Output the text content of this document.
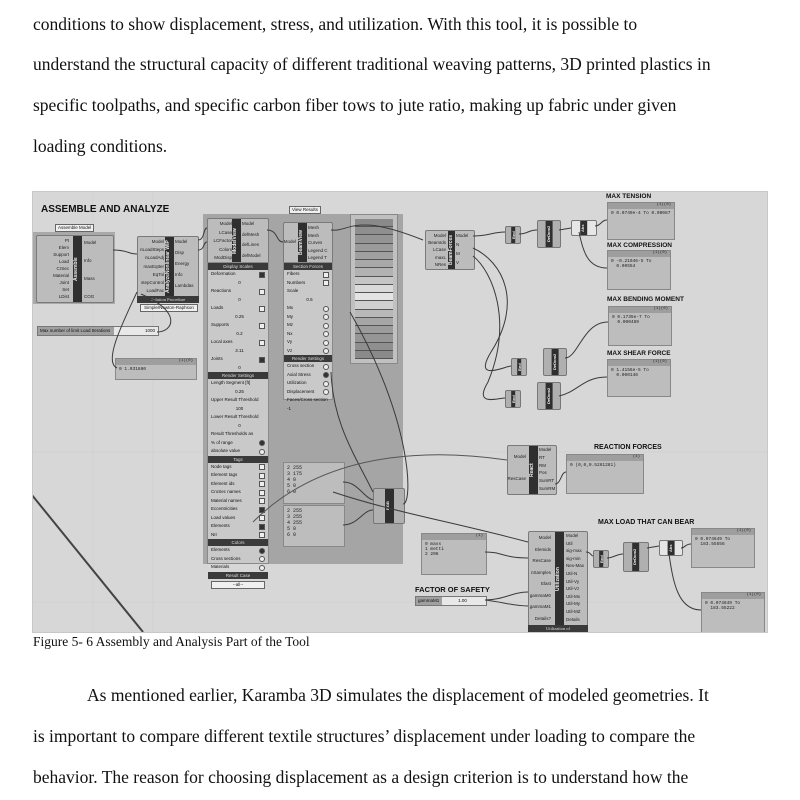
conditions to show displacement, stress, and utilization. With this tool, it is possible to
understand the structural capacity of different traditional weaving patterns, 3D printed plastics in
specific toolpaths, and specific carbon fiber tows to jute ratio, making up fabric under given
loading conditions.
ASSEMBLE AND ANALYZE
Assemble Model
Assemble
Pt
Elem
Support
Load
CrSec
Material
Joint
Set
LDist
Model
Info
Mass
COG
AnalyzeNonlinear WIP
Model
nLoadSteps
nLoadAdj
maxEqIter
EqTol
stepControl
LoadFac
Model
Disp
Energy
Info
Lambdas
Solution Procedure
Simple/Newton-Raphson
Max number of limit Load Iterations	1000
(1)(0)
0 1.031880
View Results
ModelView
Model
LCase
LCFactor
Colors
ModDisp
Model
defMesh
defLines
defModel
Display Scales
Deformation
0
Reactions
0
Loads
0.25
Supports
0.2
Local axes
3.11
Joints
0
Render Settings
Length Segment [ft]
0.25
Upper Result Threshold
100
Lower Result Threshold
0
Result Thresholds as
% of range
absolute value
Tags
Node tags
Element tags
Element ids
CroSec names
Material names
Eccentricities
Load values
Elements
NII
Colors
Elements
Cross sections
Materials
Result Case
--all--
BeamView
Model
Mesh
Mesh
Curves
Legend C
Legend T
Section Forces
Fibers
Numbers
Scale
0.5
Mx
My
Mz
Nx
Vy
Vz
Render Settings
Cross section
Axial Stress
Utilization
Displacement
Faces/Cross section
-1
2 255
3 175
4 0
5 0
6 0
2 255
3 255
4 255
5 0
6 0
RGB
BeamForces
Model
BeamIds
LCase
maxL
NRes
Model
N
M
V
Bnd	DeDom2	Abs
Bnd	DeDom2
Bnd	DeDom2
MAX TENSION
(1)(0)
0 0.0749e-4 To 0.00087
MAX COMPRESSION
(1)(0)
0 -0.21046-5 To
0.00554
MAX BENDING MOMENT
(1)(0)
0 0.1735e-7 To
0.000489
MAX SHEAR FORCE
(1)(0)
0 1.4156e-5 To
0.000146
REACTION FORCES
React
Model
ResCase
Model
RT
RM
Pos
SumRT
SumRM
(1)
0 (0,0,0.5261281)
(1)
0 mass
1 metti
2 206
FACTOR OF SAFETY
gammaM1	1.00
Utilization
Model
Elemids
ResCase
nSamples
Elast
gammaM0
gammaM1
Details?
Model
Util
sig-max
sig-min
Nex-Max
Util-N
Util-Vy
Util-Vz
Util-Mx
Util-My
Util-MZ
Details
Utilization of
MAX LOAD THAT CAN BEAR
Bnd	DeDom2
Abs
(1)(0)
0 0.074649 To
183.55556
(1)(0)
0 0.074649 To
183.55222
Figure 5- 6 Assembly and Analysis Part of the Tool
As mentioned earlier, Karamba 3D simulates the displacement of modeled geometries. It
is important to compare different textile structures’ displacement under loading to compare the
behavior. The reason for choosing displacement as a design criterion is to understand how the
